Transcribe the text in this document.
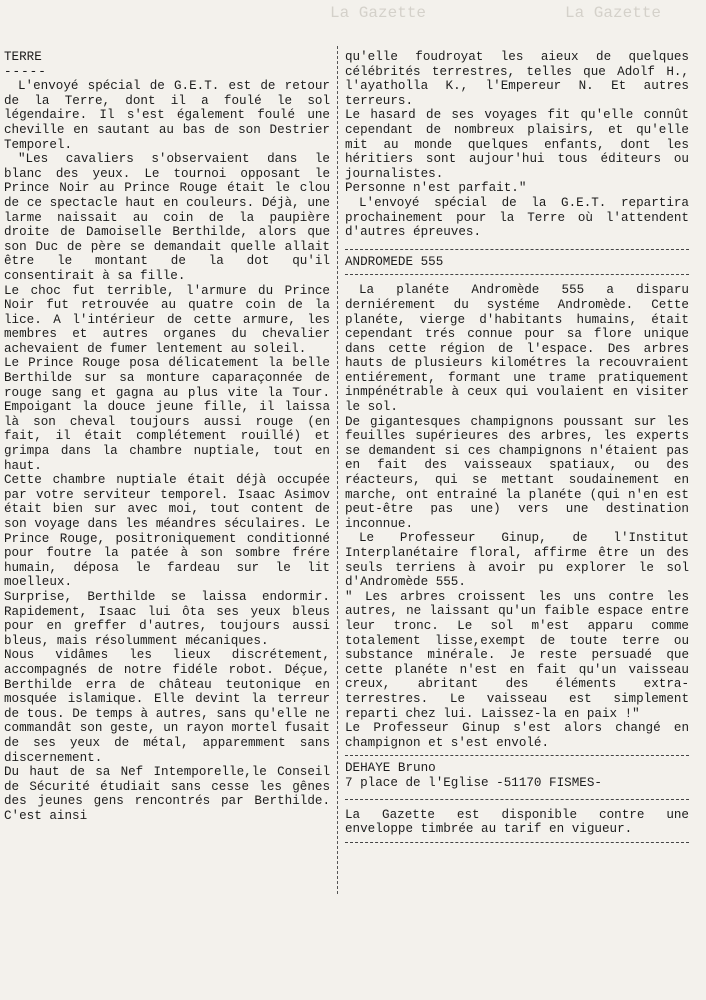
La Gazette	La Gazette
TERRE
-----

L'envoyé spécial de G.E.T. est de retour de la Terre, dont il a foulé le sol légendaire. Il s'est également foulé une cheville en sautant au bas de son Destrier Temporel.

"Les cavaliers s'observaient dans le blanc des yeux. Le tournoi opposant le Prince Noir au Prince Rouge était le clou de ce spectacle haut en couleurs. Déjà, une larme naissait au coin de la paupière droite de Damoiselle Berthilde, alors que son Duc de père se demandait quelle allait être le montant de la dot qu'il consentirait à sa fille.

Le choc fut terrible, l'armure du Prince Noir fut retrouvée au quatre coin de la lice. A l'intérieur de cette armure, les membres et autres organes du chevalier achevaient de fumer lentement au soleil.

Le Prince Rouge posa délicatement la belle Berthilde sur sa monture caparaçonnée de rouge sang et gagna au plus vite la Tour. Empoigant la douce jeune fille, il laissa là son cheval toujours aussi rouge (en fait, il était complétement rouillé) et grimpa dans la chambre nuptiale, tout en haut.

Cette chambre nuptiale était déjà occupée par votre serviteur temporel. Isaac Asimov était bien sur avec moi, tout content de son voyage dans les méandres séculaires. Le Prince Rouge, positroniquement conditionné pour foutre la patée à son sombre frére humain, déposa le fardeau sur le lit moelleux.

Surprise, Berthilde se laissa endormir. Rapidement, Isaac lui ôta ses yeux bleus pour en greffer d'autres, toujours aussi bleus, mais résolumment mécaniques.

Nous vidâmes les lieux discrétement, accompagnés de notre fidéle robot. Déçue, Berthilde erra de château teutonique en mosquée islamique. Elle devint la terreur de tous. De temps à autres, sans qu'elle ne commandât son geste, un rayon mortel fusait de ses yeux de métal, apparemment sans discernement.

Du haut de sa Nef Intemporelle,le Conseil de Sécurité étudiait sans cesse les gênes des jeunes gens rencontrés par Berthilde. C'est ainsi

qu'elle foudroyat les aieux de quelques célébrités terrestres, telles que Adolf H., l'ayatholla K., l'Empereur N. Et autres terreurs.

Le hasard de ses voyages fit qu'elle connût cependant de nombreux plaisirs, et qu'elle mit au monde quelques enfants, dont les héritiers sont aujour'hui tous éditeurs ou journalistes.

Personne n'est parfait."

L'envoyé spécial de la G.E.T. repartira prochainement pour la Terre où l'attendent d'autres épreuves.

ANDROMEDE 555

La planéte Andromède 555 a disparu derniérement du systéme Andromède. Cette planéte, vierge d'habitants humains, était cependant trés connue pour sa flore unique dans cette région de l'espace. Des arbres hauts de plusieurs kilométres la recouvraient entiérement, formant une trame pratiquement inmpénétrable à ceux qui voulaient en visiter le sol.

De gigantesques champignons poussant sur les feuilles supérieures des arbres, les experts se demandent si ces champignons n'étaient pas en fait des vaisseaux spatiaux, ou des réacteurs, qui se mettant soudainement en marche, ont entrainé la planéte (qui n'en est peut-être pas une) vers une destination inconnue.

Le Professeur Ginup, de l'Institut Interplanétaire floral, affirme être un des seuls terriens à avoir pu explorer le sol d'Andromède 555.

" Les arbres croissent les uns contre les autres, ne laissant qu'un faible espace entre leur tronc. Le sol m'est apparu comme totalement lisse,exempt de toute terre ou substance minérale. Je reste persuadé que cette planéte n'est en fait qu'un vaisseau creux, abritant des éléments extra-terrestres. Le vaisseau est simplement reparti chez lui. Laissez-la en paix !"

Le Professeur Ginup s'est alors changé en champignon et s'est envolé.

DEHAYE Bruno

7 place de l'Eglise -51170 FISMES-

La Gazette est disponible contre une enveloppe timbrée au tarif en vigueur.
